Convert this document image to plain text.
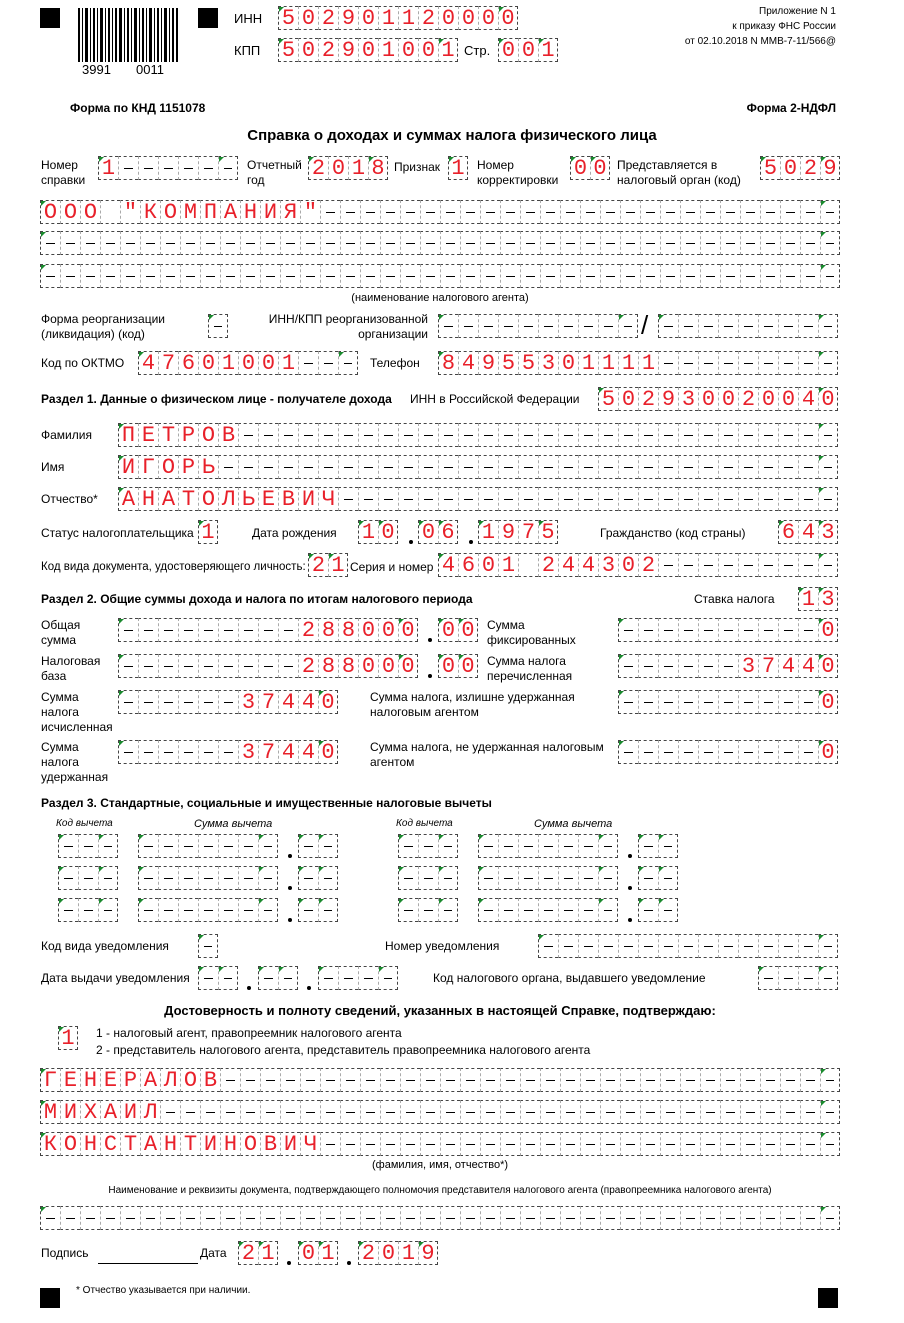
3991 0011
ИНН 5 0 2 9 0 1 1 2 0 0 0 0
КПП 5 0 2 9 0 1 0 0 1 Стр. 0 0 1
Приложение N 1
к приказу ФНС России
от 02.10.2018 N ММВ-7-11/566@
Форма по КНД 1151078	Форма 2-НДФЛ
Справка о доходах и суммах налога физического лица
Номер справки 1	Отчетный год	2 0 1 8 Признак 1 Номер корректировки 0 0 Представляется в налоговый орган (код)	5 0 2 9
О О О " К О М П А Н И Я "
(наименование налогового агента)
Форма реорганизации (ликвидация) (код)
ИНН/КПП реорганизованной организации	/
Код по ОКТМО 4 7 6 0 1 0 0 1	Телефон 8 4 9 5 5 3 0 1 1 1 1
Раздел 1. Данные о физическом лице - получателе дохода	ИНН в Российской Федерации 5 0 2 9 3 0 0 2 0 0 4 0
Фамилия П Е Т Р О В
Имя	И Г О Р Ь
Отчество* А Н А Т О Л Ь Е В И Ч
Статус налогоплательщика 1	Дата рождения 1 0 0 6 1 9 7 5	Гражданство (код страны) 6 4 3
Код вида документа, удостоверяющего личность: 2 1 Серия и номер 4 6 0 1 2 4 4 3 0 2
Раздел 2. Общие суммы дохода и налога по итогам налогового периода	Ставка налога 1 3
Общая сумма	2 8 8 0 0 0 0 0 Сумма фиксированных	0
Налоговая база	2 8 8 0 0 0 0 0 Сумма налога перечисленная	3 7 4 4 0
Сумма налога исчисленная
3 7 4 4 0	Сумма налога, излишне удержанная налоговым агентом	0
Сумма налога удержанная
3 7 4 4 0	Сумма налога, не удержанная налоговым агентом	0
Раздел 3. Стандартные, социальные и имущественные налоговые вычеты
Код вычета	Сумма вычета	Код вычета	Сумма вычета
Код вида уведомления	Номер уведомления
Дата выдачи уведомления	Код налогового органа, выдавшего уведомление
Достоверность и полноту сведений, указанных в настоящей Справке, подтверждаю:
1 1 - налоговый агент, правопреемник налогового агента
2 - представитель налогового агента, представитель правопреемника налогового агента
Г Е Н Е Р А Л О В
М И Х А И Л
К О Н С Т А Н Т И Н О В И Ч
(фамилия, имя, отчество*)
Наименование и реквизиты документа, подтверждающего полномочия представителя налогового агента (правопреемника налогового агента)
Подпись	Дата 2 1 0 1 2 0 1 9
* Отчество указывается при наличии.
